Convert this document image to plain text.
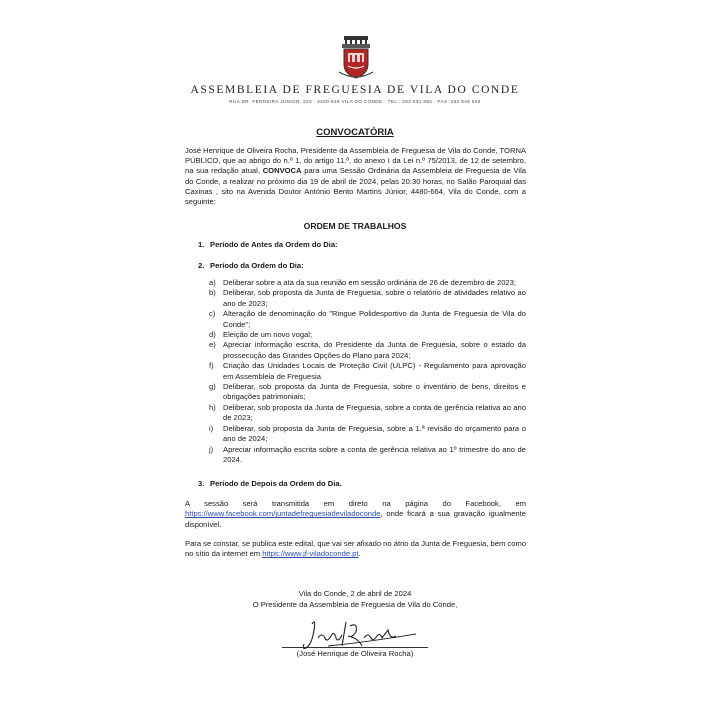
ASSEMBLEIA DE FREGUESIA DE VILA DO CONDE
RUA DR. FERREIRA JÚNIOR, 220 · 4480-818 VILA DO CONDE · TEL.: 252 631 894 · FAX: 252 646 536
CONVOCATÓRIA
José Henrique de Oliveira Rocha, Presidente da Assembleia de Freguesia de Vila do Conde, TORNA PÚBLICO, que ao abrigo do n.º 1, do artigo 11.º, do anexo I da Lei n.º 75/2013, de 12 de setembro, na sua redação atual, CONVOCA para uma Sessão Ordinária da Assembleia de Freguesia de Vila do Conde, a realizar no próximo dia 19 de abril de 2024, pelas 20:30 horas, no Salão Paroquial das Caxinas , sito na Avenida Doutor António Bento Martins Júnior, 4480-664, Vila do Conde, com a seguinte:
ORDEM DE TRABALHOS
1. Período de Antes da Ordem do Dia:
2. Período da Ordem do Dia:
a) Deliberar sobre a ata da sua reunião em sessão ordinária de 26 de dezembro de 2023;
b) Deliberar, sob proposta da Junta de Freguesia, sobre o relatório de atividades relativo ao ano de 2023;
c) Alteração de denominação do "Ringue Polidesportivo da Junta de Freguesia de Vila do Conde";
d) Eleição de um novo vogal;
e) Apreciar informação escrita, do Presidente da Junta de Freguesia, sobre o estado da prossecução das Grandes Opções do Plano para 2024;
f) Criação das Unidades Locais de Proteção Civil (ULPC) - Regulamento para aprovação em Assembleia de Freguesia
g) Deliberar, sob proposta da Junta de Freguesia, sobre o inventário de bens, direitos e obrigações patrimoniais;
h) Deliberar, sob proposta da Junta de Freguesia, sobre a conta de gerência relativa ao ano de 2023;
i) Deliberar, sob proposta da Junta de Freguesia, sobre a 1.ª revisão do orçamento para o ano de 2024;
j) Apreciar informação escrita sobre a conta de gerência relativa ao 1º trimestre do ano de 2024.
3. Período de Depois da Ordem do Dia.
A sessão será transmitida em direto na página do Facebook, em https://www.facebook.com/juntadefreguesiadeviladoconde, onde ficará a sua gravação igualmente disponível.
Para se constar, se publica este edital, que vai ser afixado no átrio da Junta de Freguesia, bem como no sítio da internet em https://www.jf-viladoconde.pt.
Vila do Conde, 2 de abril de 2024
O Presidente da Assembleia de Freguesia de Vila do Conde,
(José Henrique de Oliveira Rocha)
